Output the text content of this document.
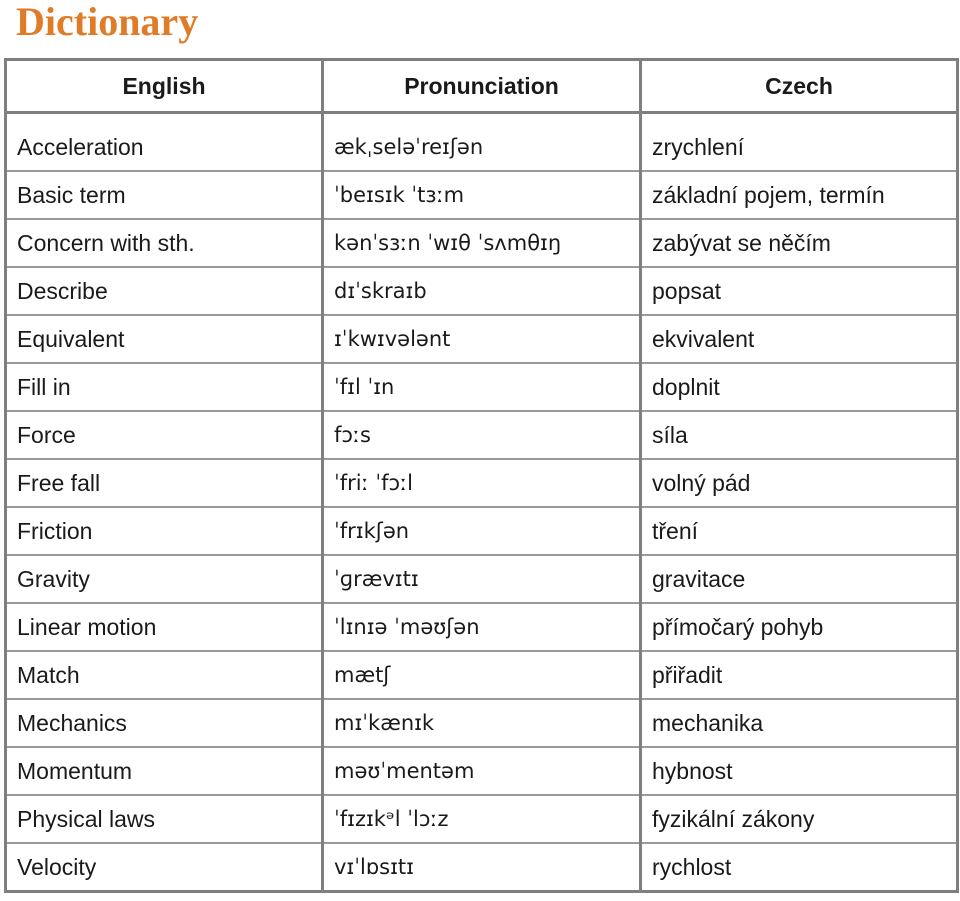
Dictionary
English	Pronunciation	Czech
Acceleration	ækˌseləˈreɪʃən	zrychlení
Basic term	ˈbeɪsɪk ˈtɜːm	základní pojem, termín
Concern with sth.	kənˈsɜːn ˈwɪθ ˈsʌmθɪŋ	zabývat se něčím
Describe	dɪˈskraɪb	popsat
Equivalent	ɪˈkwɪvələnt	ekvivalent
Fill in	ˈfɪl ˈɪn	doplnit
Force	fɔːs	síla
Free fall	ˈfriː ˈfɔːl	volný pád
Friction	ˈfrɪkʃən	tření
Gravity	ˈɡrævɪtɪ	gravitace
Linear motion	ˈlɪnɪə ˈməʊʃən	přímočarý pohyb
Match	mætʃ	přiřadit
Mechanics	mɪˈkænɪk	mechanika
Momentum	məʊˈmentəm	hybnost
Physical laws	ˈfɪzɪkᵊl ˈlɔːz	fyzikální zákony
Velocity	vɪˈlɒsɪtɪ	rychlost
